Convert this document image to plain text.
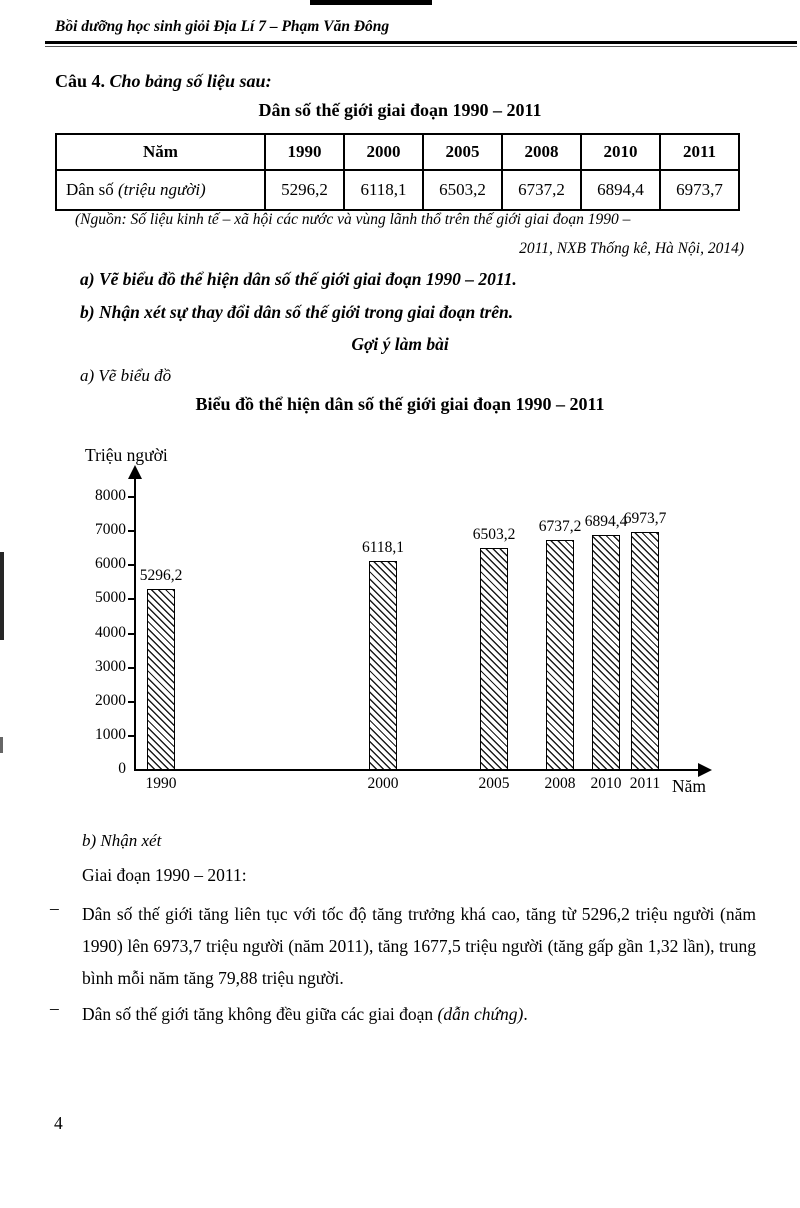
Bồi dưỡng học sinh giỏi Địa Lí 7 – Phạm Văn Đông
Câu 4. Cho bảng số liệu sau:
Dân số thế giới giai đoạn 1990 – 2011
Năm	1990	2000	2005	2008	2010	2011
Dân số (triệu người)	5296,2	6118,1	6503,2	6737,2	6894,4	6973,7
(Nguồn: Số liệu kinh tế – xã hội các nước và vùng lãnh thổ trên thế giới giai đoạn 1990 –
2011, NXB Thống kê, Hà Nội, 2014)
a) Vẽ biểu đồ thể hiện dân số thế giới giai đoạn 1990 – 2011.
b) Nhận xét sự thay đổi dân số thế giới trong giai đoạn trên.
Gợi ý làm bài
a) Vẽ biểu đồ
Biểu đồ thể hiện dân số thế giới giai đoạn 1990 – 2011
Triệu người
Năm
0
1000
2000
3000
4000
5000
6000
7000
8000
5296,2
1990
6118,1
2000
6503,2
2005
6737,2
2008
6894,4
2010
6973,7
2011
b) Nhận xét
Giai đoạn 1990 – 2011:
– Dân số thế giới tăng liên tục với tốc độ tăng trưởng khá cao, tăng từ 5296,2 triệu người (năm 1990) lên 6973,7 triệu người (năm 2011), tăng 1677,5 triệu người (tăng gấp gần 1,32 lần), trung bình mỗi năm tăng 79,88 triệu người.
– Dân số thế giới tăng không đều giữa các giai đoạn (dẫn chứng).
4
